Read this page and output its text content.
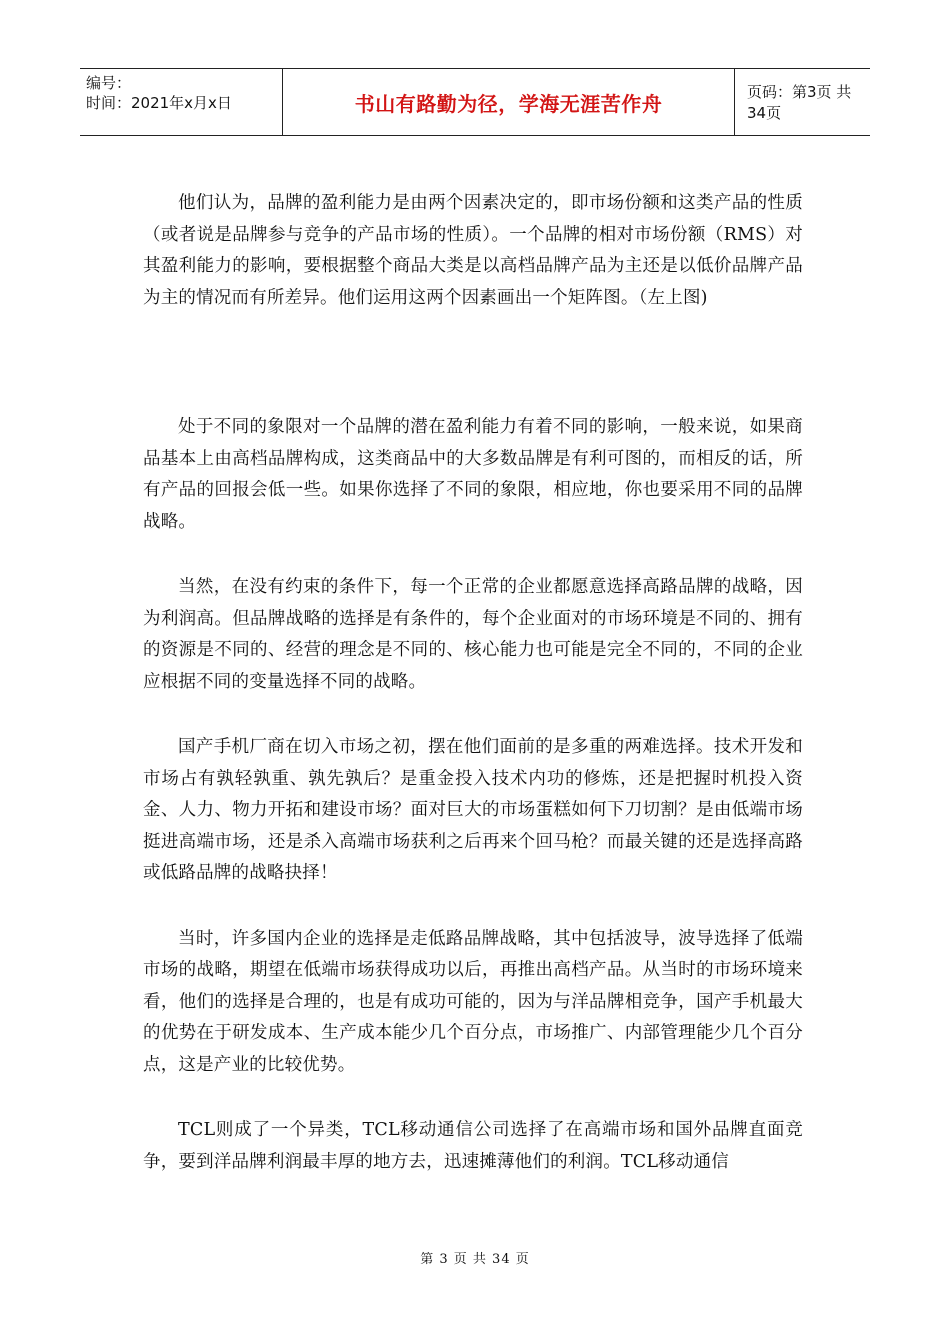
编号：
时间：2021年x月x日	书山有路勤为径，学海无涯苦作舟	页码：第3页 共34页

他们认为，品牌的盈利能力是由两个因素决定的，即市场份额和这类产品的性质（或者说是品牌参与竞争的产品市场的性质）。一个品牌的相对市场份额（RMS）对其盈利能力的影响，要根据整个商品大类是以高档品牌产品为主还是以低价品牌产品为主的情况而有所差异。他们运用这两个因素画出一个矩阵图。（左上图)

处于不同的象限对一个品牌的潜在盈利能力有着不同的影响，一般来说，如果商品基本上由高档品牌构成，这类商品中的大多数品牌是有利可图的，而相反的话，所有产品的回报会低一些。如果你选择了不同的象限，相应地，你也要采用不同的品牌战略。

当然，在没有约束的条件下，每一个正常的企业都愿意选择高路品牌的战略，因为利润高。但品牌战略的选择是有条件的，每个企业面对的市场环境是不同的、拥有的资源是不同的、经营的理念是不同的、核心能力也可能是完全不同的，不同的企业应根据不同的变量选择不同的战略。

国产手机厂商在切入市场之初，摆在他们面前的是多重的两难选择。技术开发和市场占有孰轻孰重、孰先孰后？是重金投入技术内功的修炼，还是把握时机投入资金、人力、物力开拓和建设市场？面对巨大的市场蛋糕如何下刀切割？是由低端市场挺进高端市场，还是杀入高端市场获利之后再来个回马枪？而最关键的还是选择高路或低路品牌的战略抉择！

当时，许多国内企业的选择是走低路品牌战略，其中包括波导，波导选择了低端市场的战略，期望在低端市场获得成功以后，再推出高档产品。从当时的市场环境来看，他们的选择是合理的，也是有成功可能的，因为与洋品牌相竞争，国产手机最大的优势在于研发成本、生产成本能少几个百分点，市场推广、内部管理能少几个百分点，这是产业的比较优势。

TCL则成了一个异类，TCL移动通信公司选择了在高端市场和国外品牌直面竞争，要到洋品牌利润最丰厚的地方去，迅速摊薄他们的利润。TCL移动通信

第 3 页 共 34 页
